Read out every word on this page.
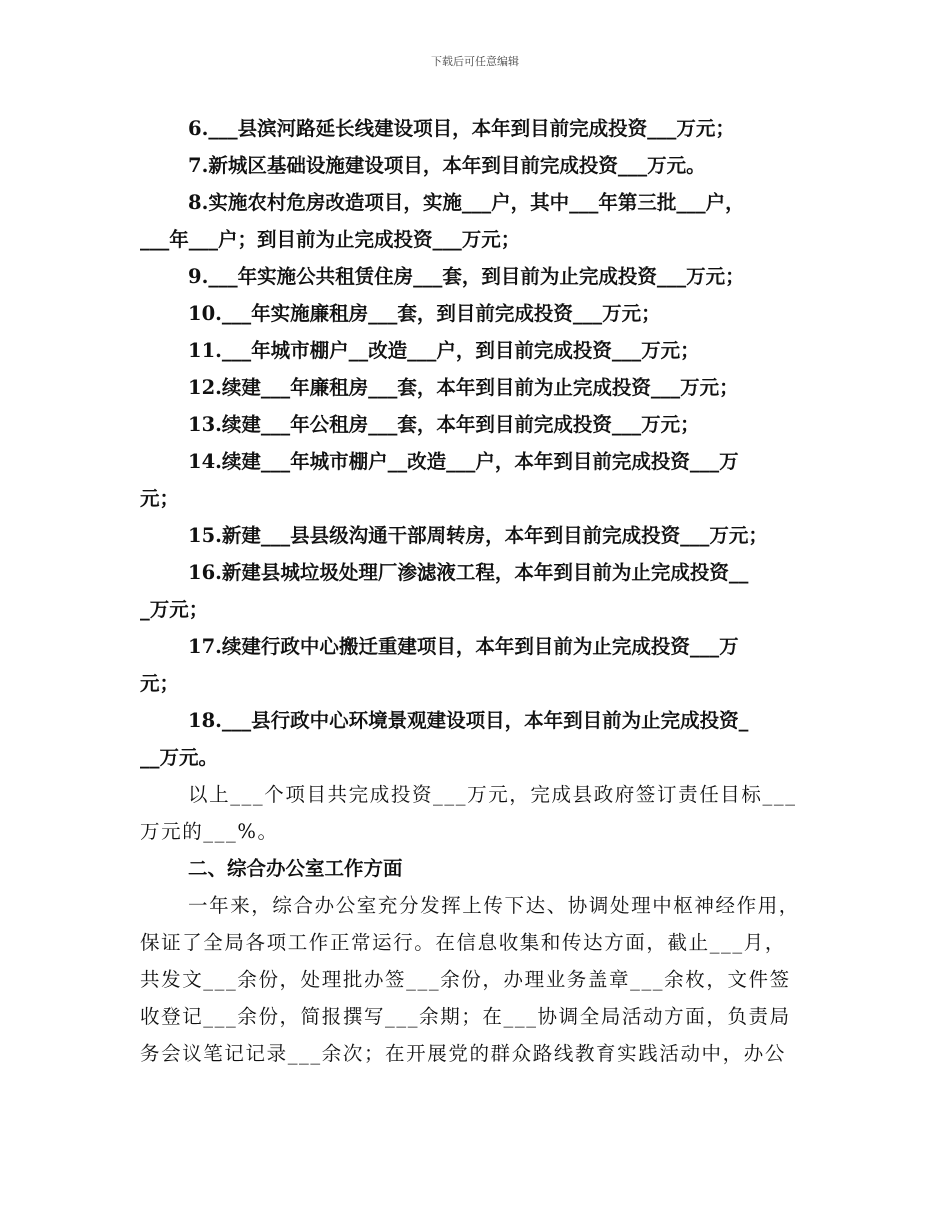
下载后可任意编辑
6.___县滨河路延长线建设项目，本年到目前完成投资___万元；
7.新城区基础设施建设项目，本年到目前完成投资___万元。
8.实施农村危房改造项目，实施___户，其中___年第三批___户，
___年___户；到目前为止完成投资___万元；
9.___年实施公共租赁住房___套，到目前为止完成投资___万元；
10.___年实施廉租房___套，到目前完成投资___万元；
11.___年城市棚户__改造___户，到目前完成投资___万元；
12.续建___年廉租房___套，本年到目前为止完成投资___万元；
13.续建___年公租房___套，本年到目前完成投资___万元；
14.续建___年城市棚户__改造___户，本年到目前完成投资___万
元；
15.新建___县县级沟通干部周转房，本年到目前完成投资___万元；
16.新建县城垃圾处理厂渗滤液工程，本年到目前为止完成投资__
_万元；
17.续建行政中心搬迁重建项目，本年到目前为止完成投资___万
元；
18.___县行政中心环境景观建设项目，本年到目前为止完成投资_
__万元。
以上___个项目共完成投资___万元，完成县政府签订责任目标___
万元的___%。
二、综合办公室工作方面
一年来，综合办公室充分发挥上传下达、协调处理中枢神经作用，
保证了全局各项工作正常运行。在信息收集和传达方面，截止___月，
共发文___余份，处理批办签___余份，办理业务盖章___余枚，文件签
收登记___余份，简报撰写___余期；在___协调全局活动方面，负责局
务会议笔记记录___余次；在开展党的群众路线教育实践活动中，办公
